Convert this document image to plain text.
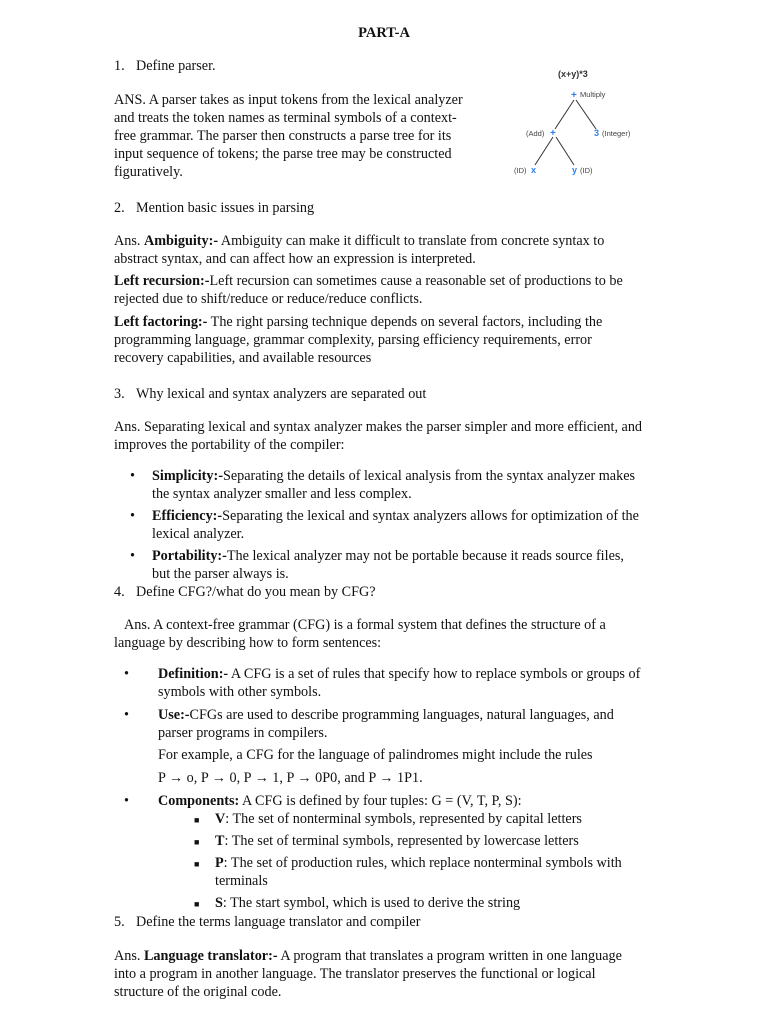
PART-A
1. Define parser.
ANS. A parser takes as input tokens from the lexical analyzer
and treats the token names as terminal symbols of a context-
free grammar. The parser then constructs a parse tree for its
input sequence of tokens; the parse tree may be constructed
figuratively.
(x+y)*3
+ Multiply
(Add) +	3 (Integer)
(ID) x	y (ID)
2. Mention basic issues in parsing
Ans. Ambiguity:- Ambiguity can make it difficult to translate from concrete syntax to
abstract syntax, and can affect how an expression is interpreted.
Left recursion:-Left recursion can sometimes cause a reasonable set of productions to be
rejected due to shift/reduce or reduce/reduce conflicts.
Left factoring:- The right parsing technique depends on several factors, including the
programming language, grammar complexity, parsing efficiency requirements, error
recovery capabilities, and available resources
3. Why lexical and syntax analyzers are separated out
Ans. Separating lexical and syntax analyzer makes the parser simpler and more efficient, and
improves the portability of the compiler:
•	Simplicity:-Separating the details of lexical analysis from the syntax analyzer makes
the syntax analyzer smaller and less complex.
•	Efficiency:-Separating the lexical and syntax analyzers allows for optimization of the
lexical analyzer.
•	Portability:-The lexical analyzer may not be portable because it reads source files,
but the parser always is.
4. Define CFG?/what do you mean by CFG?
Ans. A context-free grammar (CFG) is a formal system that defines the structure of a
language by describing how to form sentences:
•	Definition:- A CFG is a set of rules that specify how to replace symbols or groups of
symbols with other symbols.
•	Use:-CFGs are used to describe programming languages, natural languages, and
parser programs in compilers.
For example, a CFG for the language of palindromes might include the rules
P → ο, P → 0, P → 1, P → 0P0, and P → 1P1.
•	Components: A CFG is defined by four tuples: G = (V, T, P, S):
■	V: The set of nonterminal symbols, represented by capital letters
■	T: The set of terminal symbols, represented by lowercase letters
■	P: The set of production rules, which replace nonterminal symbols with
terminals
■	S: The start symbol, which is used to derive the string
5. Define the terms language translator and compiler
Ans. Language translator:- A program that translates a program written in one language
into a program in another language. The translator preserves the functional or logical
structure of the original code.
